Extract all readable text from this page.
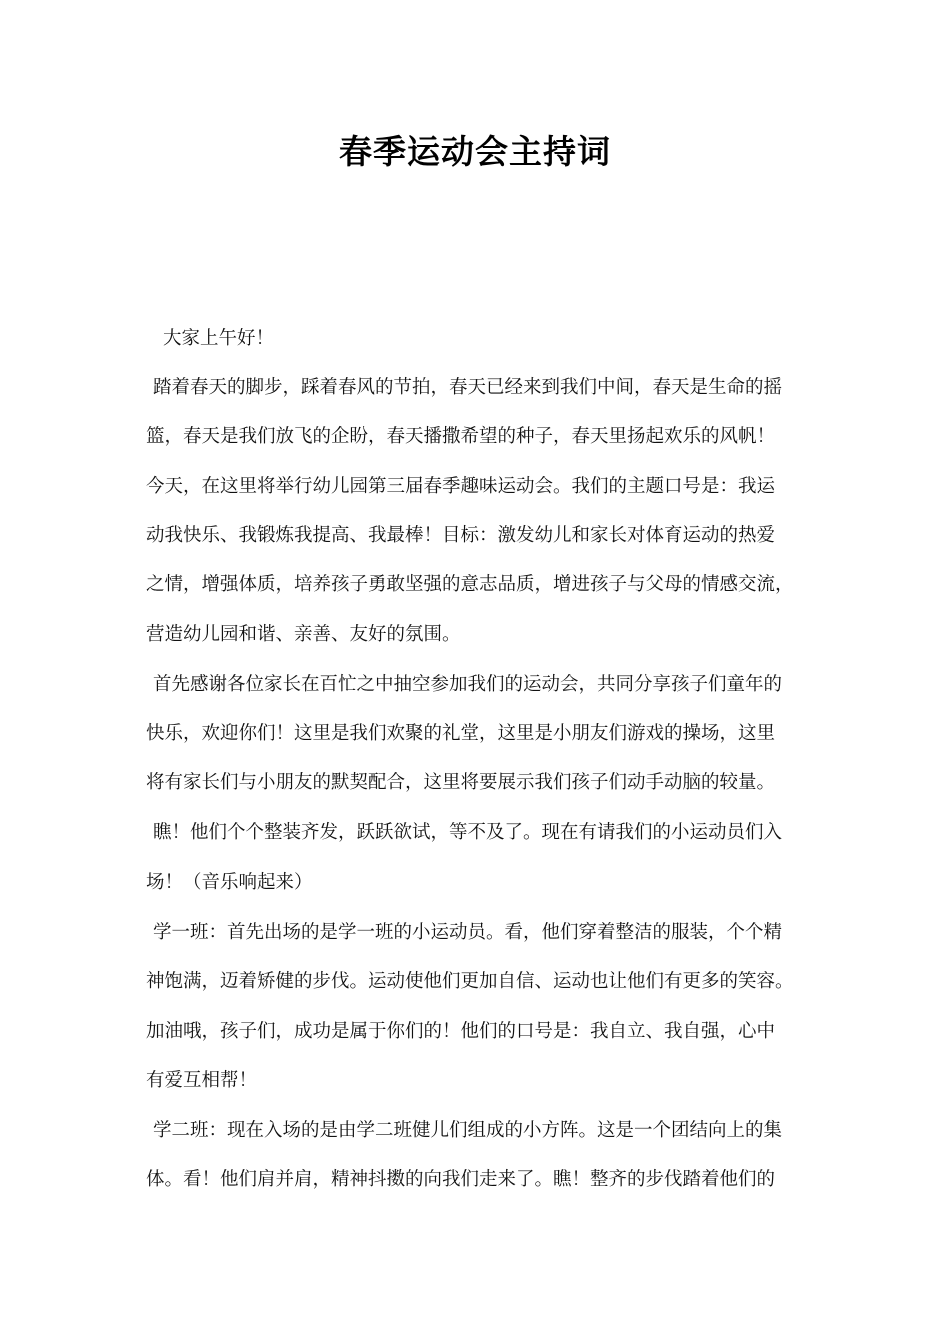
春季运动会主持词
大家上午好！
踏着春天的脚步，踩着春风的节拍，春天已经来到我们中间，春天是生命的摇
篮，春天是我们放飞的企盼，春天播撒希望的种子，春天里扬起欢乐的风帆！
今天，在这里将举行幼儿园第三届春季趣味运动会。我们的主题口号是：我运
动我快乐、我锻炼我提高、我最棒！目标：激发幼儿和家长对体育运动的热爱
之情，增强体质，培养孩子勇敢坚强的意志品质，增进孩子与父母的情感交流，
营造幼儿园和谐、亲善、友好的氛围。
首先感谢各位家长在百忙之中抽空参加我们的运动会，共同分享孩子们童年的
快乐，欢迎你们！这里是我们欢聚的礼堂，这里是小朋友们游戏的操场，这里
将有家长们与小朋友的默契配合，这里将要展示我们孩子们动手动脑的较量。
瞧！他们个个整装齐发，跃跃欲试，等不及了。现在有请我们的小运动员们入
场！（音乐响起来）
学一班：首先出场的是学一班的小运动员。看，他们穿着整洁的服装，个个精
神饱满，迈着矫健的步伐。运动使他们更加自信、运动也让他们有更多的笑容。
加油哦，孩子们，成功是属于你们的！他们的口号是：我自立、我自强，心中
有爱互相帮！
学二班：现在入场的是由学二班健儿们组成的小方阵。这是一个团结向上的集
体。看！他们肩并肩，精神抖擞的向我们走来了。瞧！整齐的步伐踏着他们的
